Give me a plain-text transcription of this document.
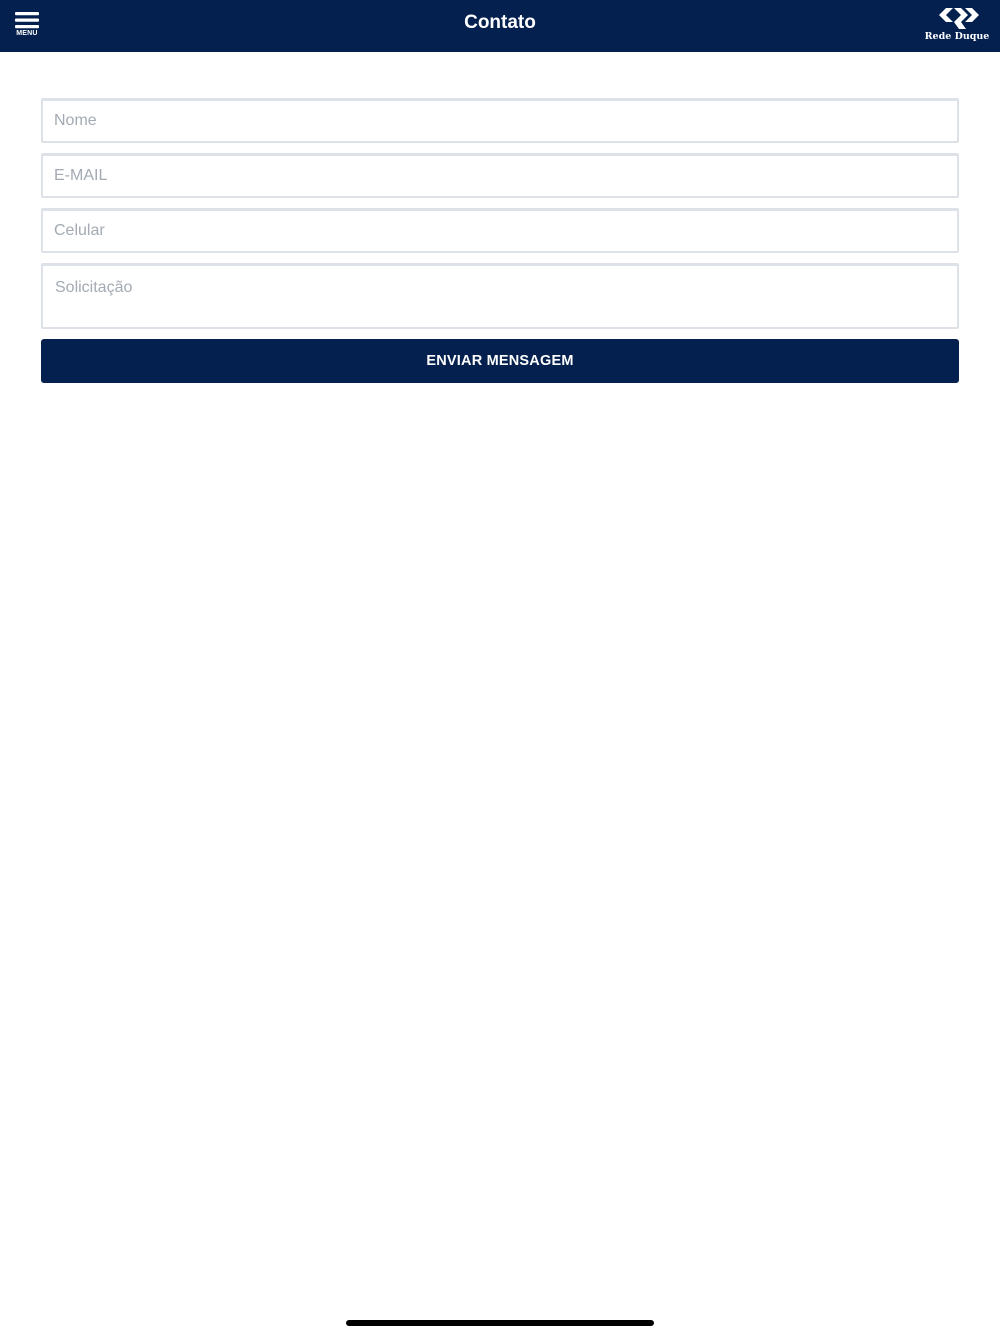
MENU
Contato
Rede Duque
Nome
E-MAIL
Celular
Solicitação
ENVIAR MENSAGEM
